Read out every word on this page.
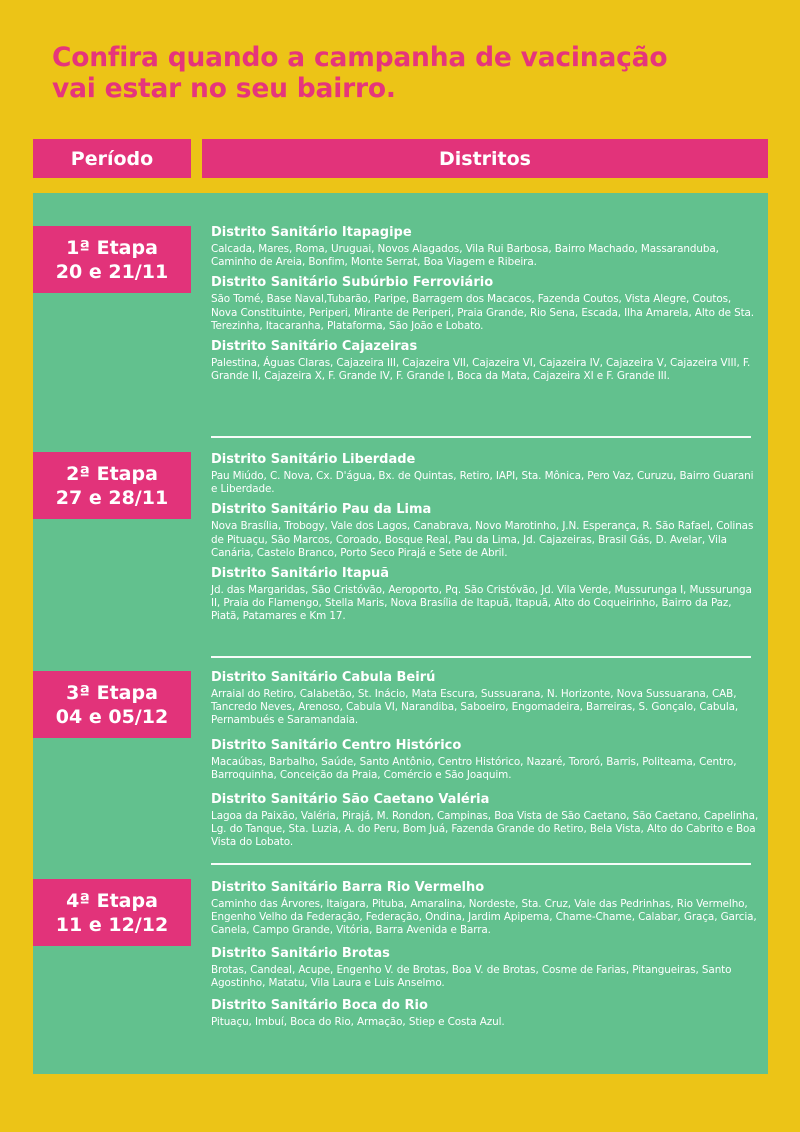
Confira quando a campanha de vacinação
vai estar no seu bairro.
Período	Distritos
1ª Etapa
20 e 21/11
Distrito Sanitário Itapagipe
Calcada, Mares, Roma, Uruguai, Novos Alagados, Vila Rui Barbosa, Bairro Machado, Massaranduba, Caminho de Areia, Bonfim, Monte Serrat, Boa Viagem e Ribeira.
Distrito Sanitário Subúrbio Ferroviário
São Tomé, Base Naval,Tubarão, Paripe, Barragem dos Macacos, Fazenda Coutos, Vista Alegre, Coutos, Nova Constituinte, Periperi, Mirante de Periperi, Praia Grande, Rio Sena, Escada, Ilha Amarela, Alto de Sta. Terezinha, Itacaranha, Plataforma, São João e Lobato.
Distrito Sanitário Cajazeiras
Palestina, Águas Claras, Cajazeira III, Cajazeira VII, Cajazeira VI, Cajazeira IV, Cajazeira V, Cajazeira VIII, F. Grande II, Cajazeira X, F. Grande IV, F. Grande I, Boca da Mata, Cajazeira XI e F. Grande III.
2ª Etapa
27 e 28/11
Distrito Sanitário Liberdade
Pau Miúdo, C. Nova, Cx. D'água, Bx. de Quintas, Retiro, IAPI, Sta. Mônica, Pero Vaz, Curuzu, Bairro Guarani e Liberdade.
Distrito Sanitário Pau da Lima
Nova Brasília, Trobogy, Vale dos Lagos, Canabrava, Novo Marotinho, J.N. Esperança, R. São Rafael, Colinas de Pituaçu, São Marcos, Coroado, Bosque Real, Pau da Lima, Jd. Cajazeiras, Brasil Gás, D. Avelar, Vila Canária, Castelo Branco, Porto Seco Pirajá e Sete de Abril.
Distrito Sanitário Itapuã
Jd. das Margaridas, São Cristóvão, Aeroporto, Pq. São Cristóvão, Jd. Vila Verde, Mussurunga I, Mussurunga II, Praia do Flamengo, Stella Maris, Nova Brasília de Itapuã, Itapuã, Alto do Coqueirinho, Bairro da Paz, Piatã, Patamares e Km 17.
3ª Etapa
04 e 05/12
Distrito Sanitário Cabula Beirú
Arraial do Retiro, Calabetão, St. Inácio, Mata Escura, Sussuarana, N. Horizonte, Nova Sussuarana, CAB, Tancredo Neves, Arenoso, Cabula VI, Narandiba, Saboeiro, Engomadeira, Barreiras, S. Gonçalo, Cabula, Pernambués e Saramandaia.
Distrito Sanitário Centro Histórico
Macaúbas, Barbalho, Saúde, Santo Antônio, Centro Histórico, Nazaré, Tororó, Barris, Politeama, Centro, Barroquinha, Conceição da Praia, Comércio e São Joaquim.
Distrito Sanitário São Caetano Valéria
Lagoa da Paixão, Valéria, Pirajá, M. Rondon, Campinas, Boa Vista de São Caetano, São Caetano, Capelinha, Lg. do Tanque, Sta. Luzia, A. do Peru, Bom Juá, Fazenda Grande do Retiro, Bela Vista, Alto do Cabrito e Boa Vista do Lobato.
4ª Etapa
11 e 12/12
Distrito Sanitário Barra Rio Vermelho
Caminho das Árvores, Itaigara, Pituba, Amaralina, Nordeste, Sta. Cruz, Vale das Pedrinhas, Rio Vermelho, Engenho Velho da Federação, Federação, Ondina, Jardim Apipema, Chame-Chame, Calabar, Graça, Garcia, Canela, Campo Grande, Vitória, Barra Avenida e Barra.
Distrito Sanitário Brotas
Brotas, Candeal, Acupe, Engenho V. de Brotas, Boa V. de Brotas, Cosme de Farias, Pitangueiras, Santo Agostinho, Matatu, Vila Laura e Luis Anselmo.
Distrito Sanitário Boca do Rio
Pituaçu, Imbuí, Boca do Rio, Armação, Stiep e Costa Azul.
